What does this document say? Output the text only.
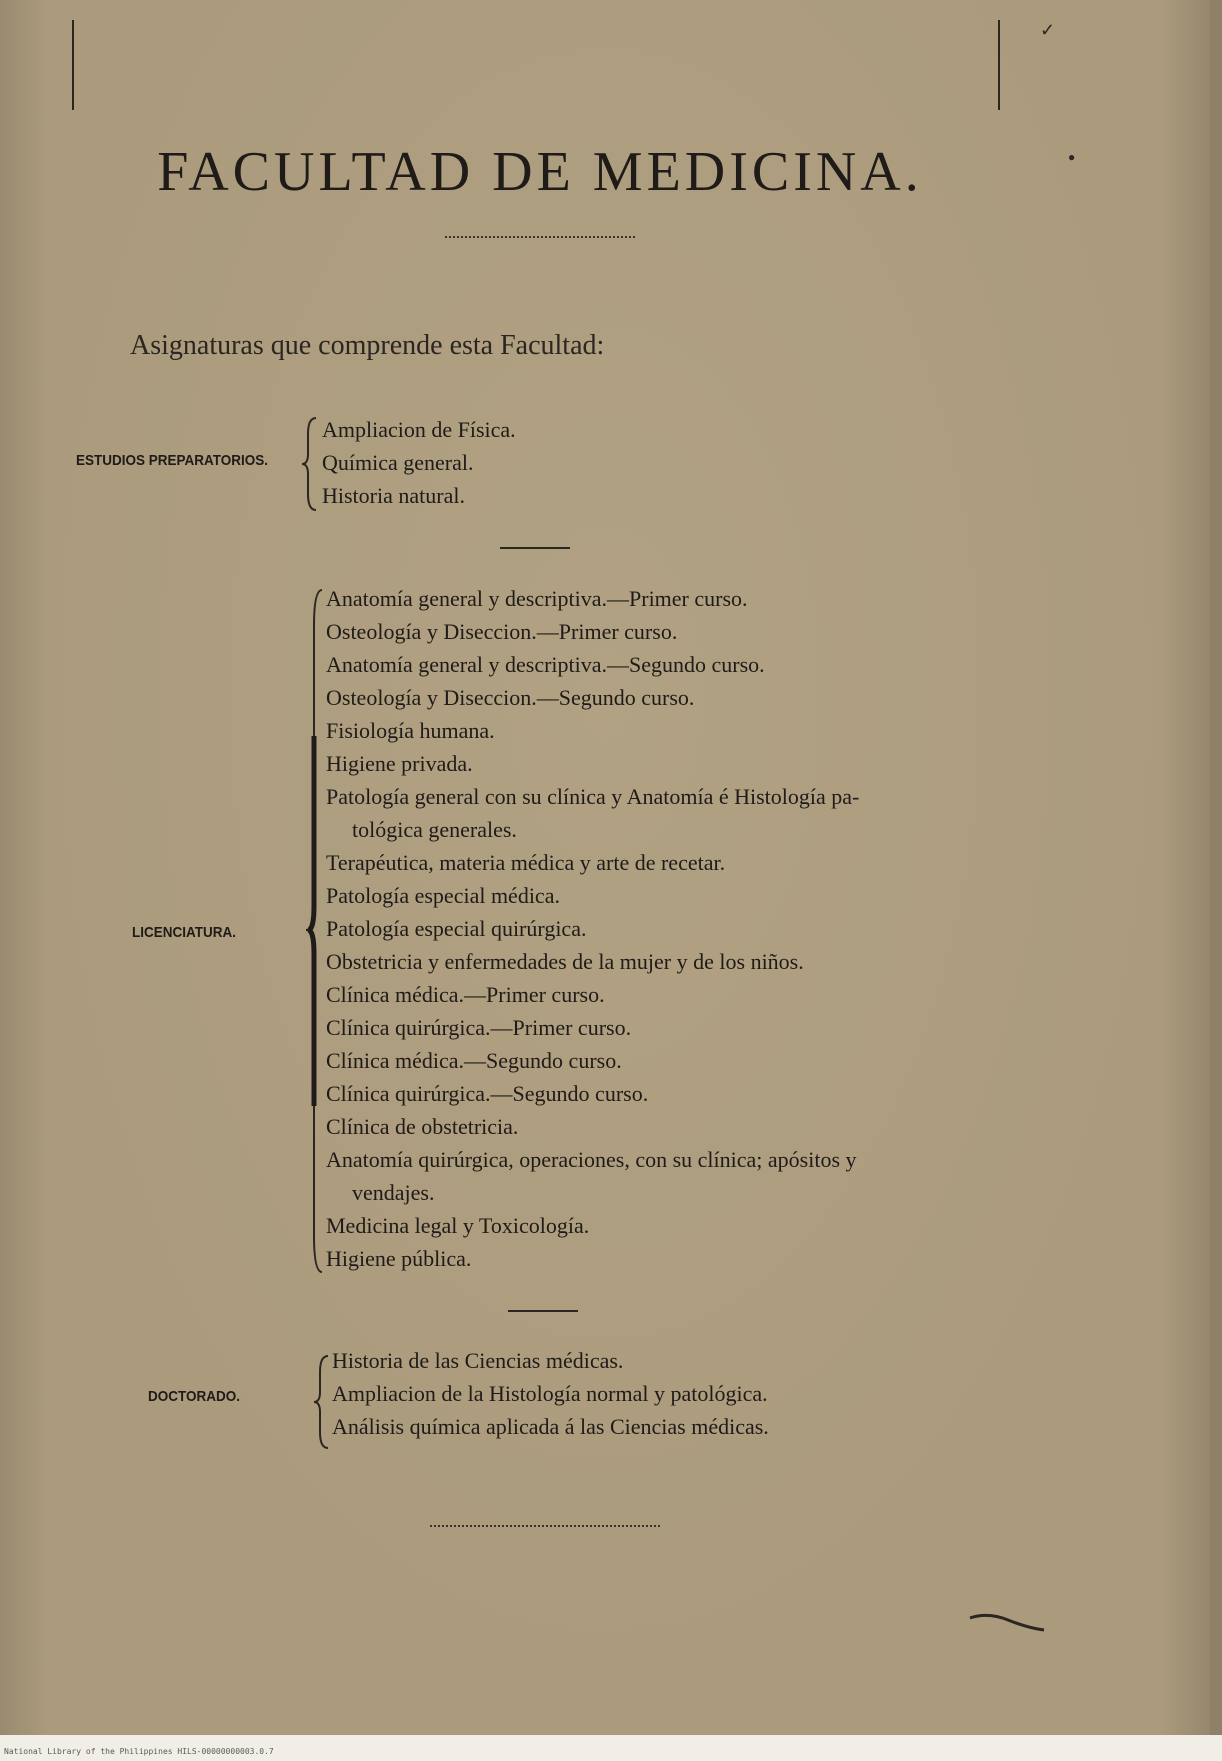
✓
●
FACULTAD DE MEDICINA.

Asignaturas que comprende esta Facultad:

ESTUDIOS PREPARATORIOS.
Ampliacion de Física.
Química general.
Historia natural.
LICENCIATURA.
Anatomía general y descriptiva.—Primer curso.
Osteología y Diseccion.—Primer curso.
Anatomía general y descriptiva.—Segundo curso.
Osteología y Diseccion.—Segundo curso.
Fisiología humana.
Higiene privada.
Patología general con su clínica y Anatomía é Histología pa-
tológica generales.
Terapéutica, materia médica y arte de recetar.
Patología especial médica.
Patología especial quirúrgica.
Obstetricia y enfermedades de la mujer y de los niños.
Clínica médica.—Primer curso.
Clínica quirúrgica.—Primer curso.
Clínica médica.—Segundo curso.
Clínica quirúrgica.—Segundo curso.
Clínica de obstetricia.
Anatomía quirúrgica, operaciones, con su clínica; apósitos y
vendajes.
Medicina legal y Toxicología.
Higiene pública.
DOCTORADO.
Historia de las Ciencias médicas.
Ampliacion de la Histología normal y patológica.
Análisis química aplicada á las Ciencias médicas.
National Library of the Philippines HILS-00000000003.0.7
